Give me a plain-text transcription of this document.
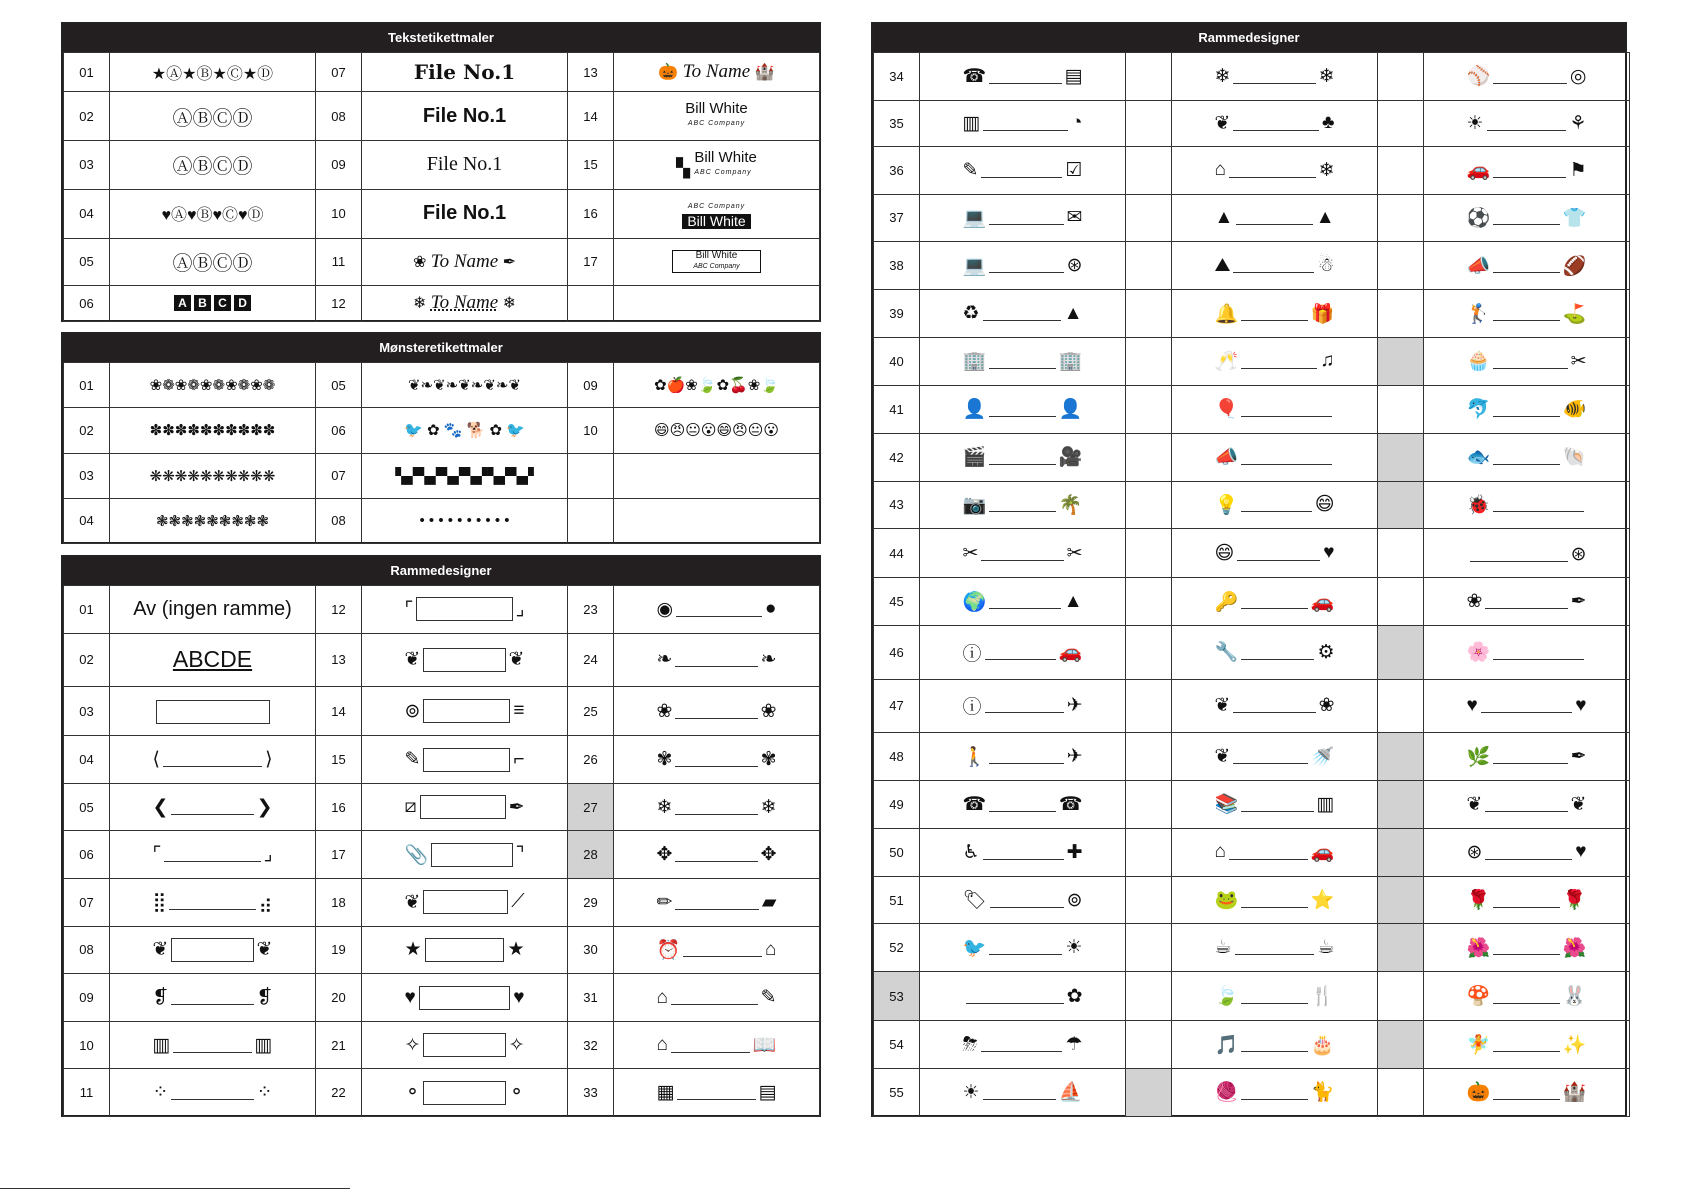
Tekstetikettmaler
01	★Ⓐ★Ⓑ★Ⓒ★Ⓓ	07	File No.1	13	🎃 To Name 🏰
02	ⒶⒷⒸⒹ	08	File No.1	14	Bill White
ABC Company

03	ⒶⒷⒸⒹ	09	File No.1	15	▚ Bill White
ABC Company

04	♥Ⓐ♥Ⓑ♥Ⓒ♥Ⓓ	10	File No.1	16	ABC Company
Bill White

05	ⒶⒷⒸⒹ	11	❀ To Name ✒	17	Bill White
ABC Company
06	A B C D	12	❄ To Name ❄		
Mønsteretikettmaler
01	❀❁❀❁❀❁❀❁❀❁	05	❦❧❦❧❦❧❦❧❦	09	✿🍎❀🍃✿🍒❀🍃
02	✽✽✽✽✽✽✽✽✽✽	06	🐦 ✿ 🐾 🐕 ✿ 🐦	10	😄😠😐😮😄😠😐😮
03	❋❋❋❋❋❋❋❋❋❋	07	▚▞▚▞▚▞▚▞▚▞▚▞		
04	❃❃❃❃❃❃❃❃❃	08	• • • • • • • • • •		
Rammedesigner
01	Av (ingen ramme)	12	⌜ ⌟	23	◉ ●

02	ABCDE	13	❦ ❦	24	❧ ❧

03		14	⊚ ≡	25	❀ ❀

04	⟨ ⟩	15	✎ ⌐	26	✾ ✾

05	❮ ❯	16	⧄ ✒	27	❄ ❄

06	⌜ ⌟	17	📎 ⌝	28	✥ ✥

07	⣿ ⣴	18	❦ ⟋	29	✏ ▰

08	❦ ❦	19	★ ★	30	⏰ ⌂

09	❡ ❡	20	♥ ♥	31	⌂ ✎

10	▥ ▥	21	✧ ✧	32	⌂ 📖

11	⁘ ⁘	22	⚬ ⚬	33	▦ ▤
Rammedesigner
34	☎ ▤		❄ ❄		⚾ ◎

35	▥ ◔		❦ ♣		☀ ⚘

36	✎ ☑		⌂ ❄		🚗 ⚑

37	💻 ✉		▲ ▲		⚽ 👕

38	💻 ⊛		⛰ ☃		📣 🏈

39	♻ ▲		🔔 🎁		🏌 ⛳

40	🏢 🏢		🥂 ♫		🧁 ✂

41	👤 👤		🎈		🐬 🐠

42	🎬 🎥		📣		🐟 🐚

43	📷 🌴		💡 😄		🐞

44	✂ ✂		😄 ♥		⊛

45	🌍 ▲		🔑 🚗		❀ ✒

46	ⓘ 🚗		🔧 ⚙		🌸

47	ⓘ ✈		❦ ❀		♥ ♥

48	🚶 ✈		❦ 🚿		🌿 ✒

49	☎ ☎		📚 ▥		❦ ❦

50	♿ ✚		⌂ 🚗		⊛ ♥

51	🏷 ⊚		🐸 ⭐		🌹 🌹

52	🐦 ☀		☕ ☕		🌺 🌺

53	✿		🍃 🍴		🍄 🐰

54	⛈ ☂		🎵 🎂		🧚 ✨

55	☀ ⛵		🧶 🐈		🎃 🏰
